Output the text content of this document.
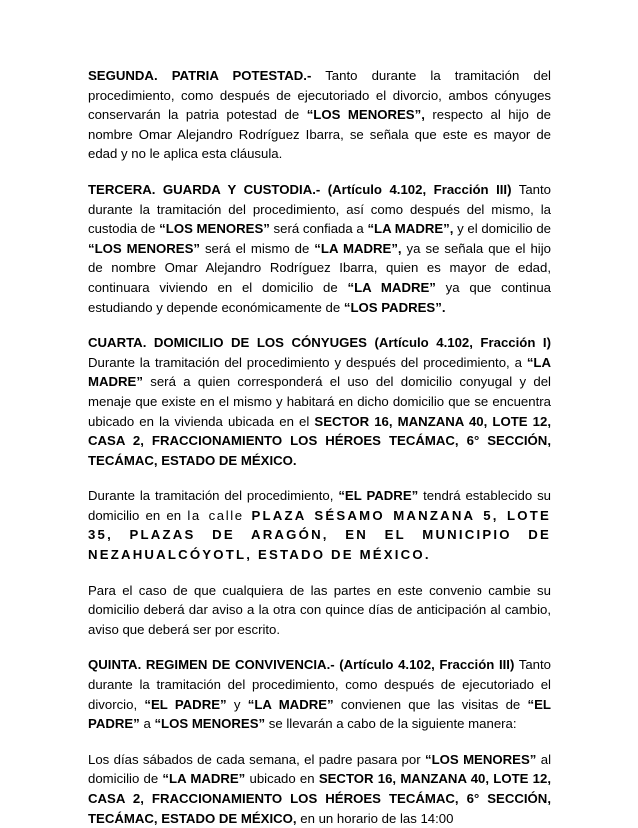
SEGUNDA. PATRIA POTESTAD.- Tanto durante la tramitación del procedimiento, como después de ejecutoriado el divorcio, ambos cónyuges conservarán la patria potestad de “LOS MENORES”, respecto al hijo de nombre Omar Alejandro Rodríguez Ibarra, se señala que este es mayor de edad y no le aplica esta cláusula.

TERCERA. GUARDA Y CUSTODIA.- (Artículo 4.102, Fracción III) Tanto durante la tramitación del procedimiento, así como después del mismo, la custodia de “LOS MENORES” será confiada a “LA MADRE”, y el domicilio de “LOS MENORES” será el mismo de “LA MADRE”, ya se señala que el hijo de nombre Omar Alejandro Rodríguez Ibarra, quien es mayor de edad, continuara viviendo en el domicilio de “LA MADRE” ya que continua estudiando y depende económicamente de “LOS PADRES”.

CUARTA. DOMICILIO DE LOS CÓNYUGES (Artículo 4.102, Fracción I) Durante la tramitación del procedimiento y después del procedimiento, a “LA MADRE” será a quien corresponderá el uso del domicilio conyugal y del menaje que existe en el mismo y habitará en dicho domicilio que se encuentra ubicado en la vivienda ubicada en el SECTOR 16, MANZANA 40, LOTE 12, CASA 2, FRACCIONAMIENTO LOS HÉROES TECÁMAC, 6° SECCIÓN, TECÁMAC, ESTADO DE MÉXICO.

Durante la tramitación del procedimiento, “EL PADRE” tendrá establecido su domicilio en en la calle PLAZA SÉSAMO MANZANA 5, LOTE 35, PLAZAS DE ARAGÓN, EN EL MUNICIPIO DE NEZAHUALCÓYOTL, ESTADO DE MÉXICO.

Para el caso de que cualquiera de las partes en este convenio cambie su domicilio deberá dar aviso a la otra con quince días de anticipación al cambio, aviso que deberá ser por escrito.

QUINTA. REGIMEN DE CONVIVENCIA.- (Artículo 4.102, Fracción III) Tanto durante la tramitación del procedimiento, como después de ejecutoriado el divorcio, “EL PADRE” y “LA MADRE” convienen que las visitas de “EL PADRE” a “LOS MENORES” se llevarán a cabo de la siguiente manera:

Los días sábados de cada semana, el padre pasara por “LOS MENORES” al domicilio de “LA MADRE” ubicado en SECTOR 16, MANZANA 40, LOTE 12, CASA 2, FRACCIONAMIENTO LOS HÉROES TECÁMAC, 6° SECCIÓN, TECÁMAC, ESTADO DE MÉXICO, en un horario de las 14:00
